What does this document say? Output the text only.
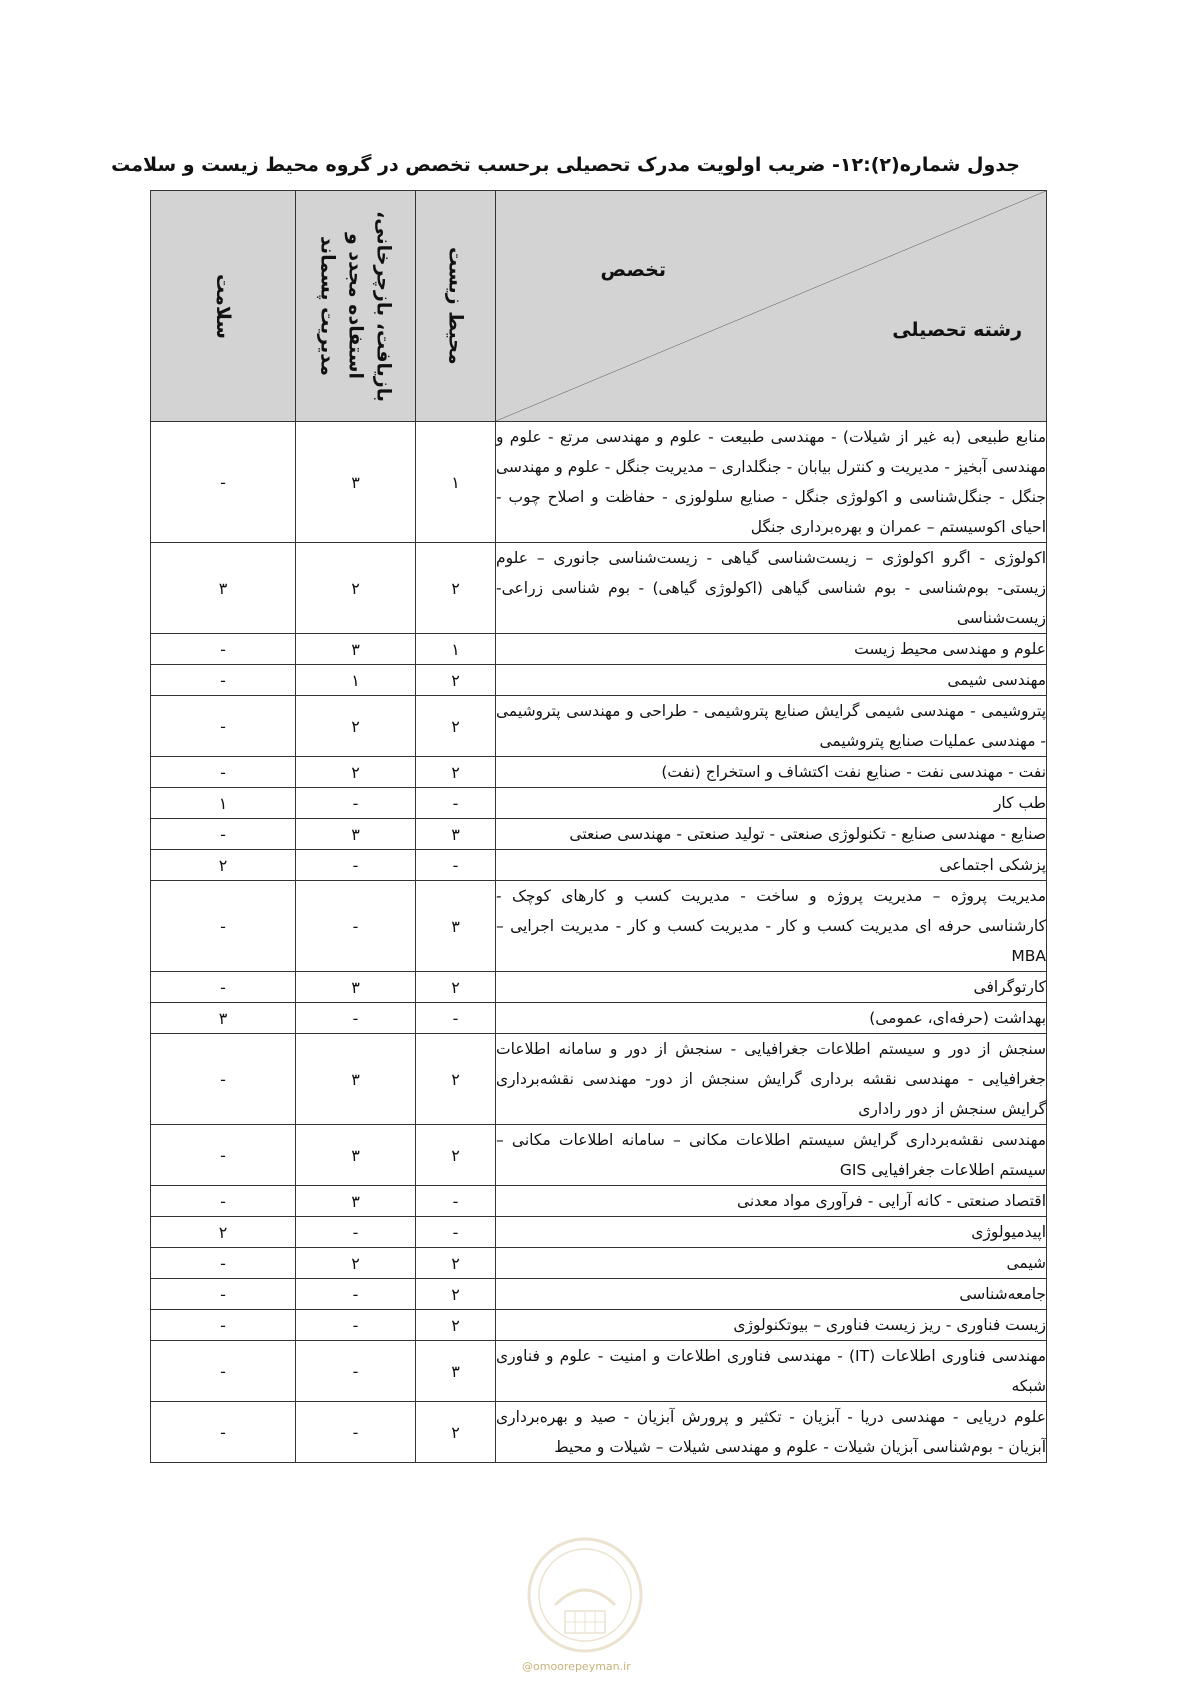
جدول شماره(۲):۱۲- ضریب اولویت مدرک تحصیلی برحسب تخصص در گروه محیط زیست و سلامت
تخصص
رشته تحصیلی	محیط زیست	بازیافت، بازچرخانی،
استفاده مجدد و
مدیریت پسماند	سلامت

منابع طبیعی (به غیر از شیلات) - مهندسی طبیعت - علوم و مهندسی مرتع - علوم و مهندسی آبخیز - مدیریت و کنترل بیابان - جنگلداری – مدیریت جنگل - علوم و مهندسی جنگل - جنگل‌شناسی و اکولوژی جنگل - صنایع سلولوزی - حفاظت و اصلاح چوب - احیای اکوسیستم – عمران و بهره‌برداری جنگل	۱	۳	-
اکولوژی - اگرو اکولوژی – زیست‌شناسی گیاهی - زیست‌شناسی جانوری – علوم زیستی- بوم‌شناسی - بوم شناسی گیاهی (اکولوژی گیاهی) - بوم شناسی زراعی- زیست‌شناسی	۲	۲	۳
علوم و مهندسی محیط زیست	۱	۳	-
مهندسی شیمی	۲	۱	-
پتروشیمی - مهندسی شیمی گرایش صنایع پتروشیمی - طراحی و مهندسی پتروشیمی - مهندسی عملیات صنایع پتروشیمی	۲	۲	-
نفت - مهندسی نفت - صنایع نفت اکتشاف و استخراج (نفت)	۲	۲	-
طب کار	-	-	۱
صنایع - مهندسی صنایع - تکنولوژی صنعتی - تولید صنعتی - مهندسی صنعتی	۳	۳	-
پزشکی اجتماعی	-	-	۲
مدیریت پروژه – مدیریت پروژه و ساخت - مدیریت کسب و کارهای کوچک - کارشناسی حرفه ای مدیریت کسب و کار - مدیریت کسب و کار - مدیریت اجرایی – MBA	۳	-	-
کارتوگرافی	۲	۳	-
بهداشت (حرفه‌ای، عمومی)	-	-	۳
سنجش از دور و سیستم اطلاعات جغرافیایی - سنجش از دور و سامانه اطلاعات جغرافیایی - مهندسی نقشه برداری گرایش سنجش از دور- مهندسی نقشه‌برداری گرایش سنجش از دور راداری	۲	۳	-
مهندسی نقشه‌برداری گرایش سیستم اطلاعات مکانی – سامانه اطلاعات مکانی – سیستم اطلاعات جغرافیایی GIS	۲	۳	-
اقتصاد صنعتی - کانه آرایی - فرآوری مواد معدنی	-	۳	-
اپیدمیولوژی	-	-	۲
شیمی	۲	۲	-
جامعه‌شناسی	۲	-	-
زیست فناوری - ریز زیست فناوری – بیوتکنولوژی	۲	-	-
مهندسی فناوری اطلاعات (IT) - مهندسی فناوری اطلاعات و امنیت - علوم و فناوری شبکه	۳	-	-
علوم دریایی - مهندسی دریا - آبزیان - تکثیر و پرورش آبزیان - صید و بهره‌برداری آبزیان - بوم‌شناسی آبزیان شیلات - علوم و مهندسی شیلات – شیلات و محیط	۲	-	-
@omoorepeyman.ir
